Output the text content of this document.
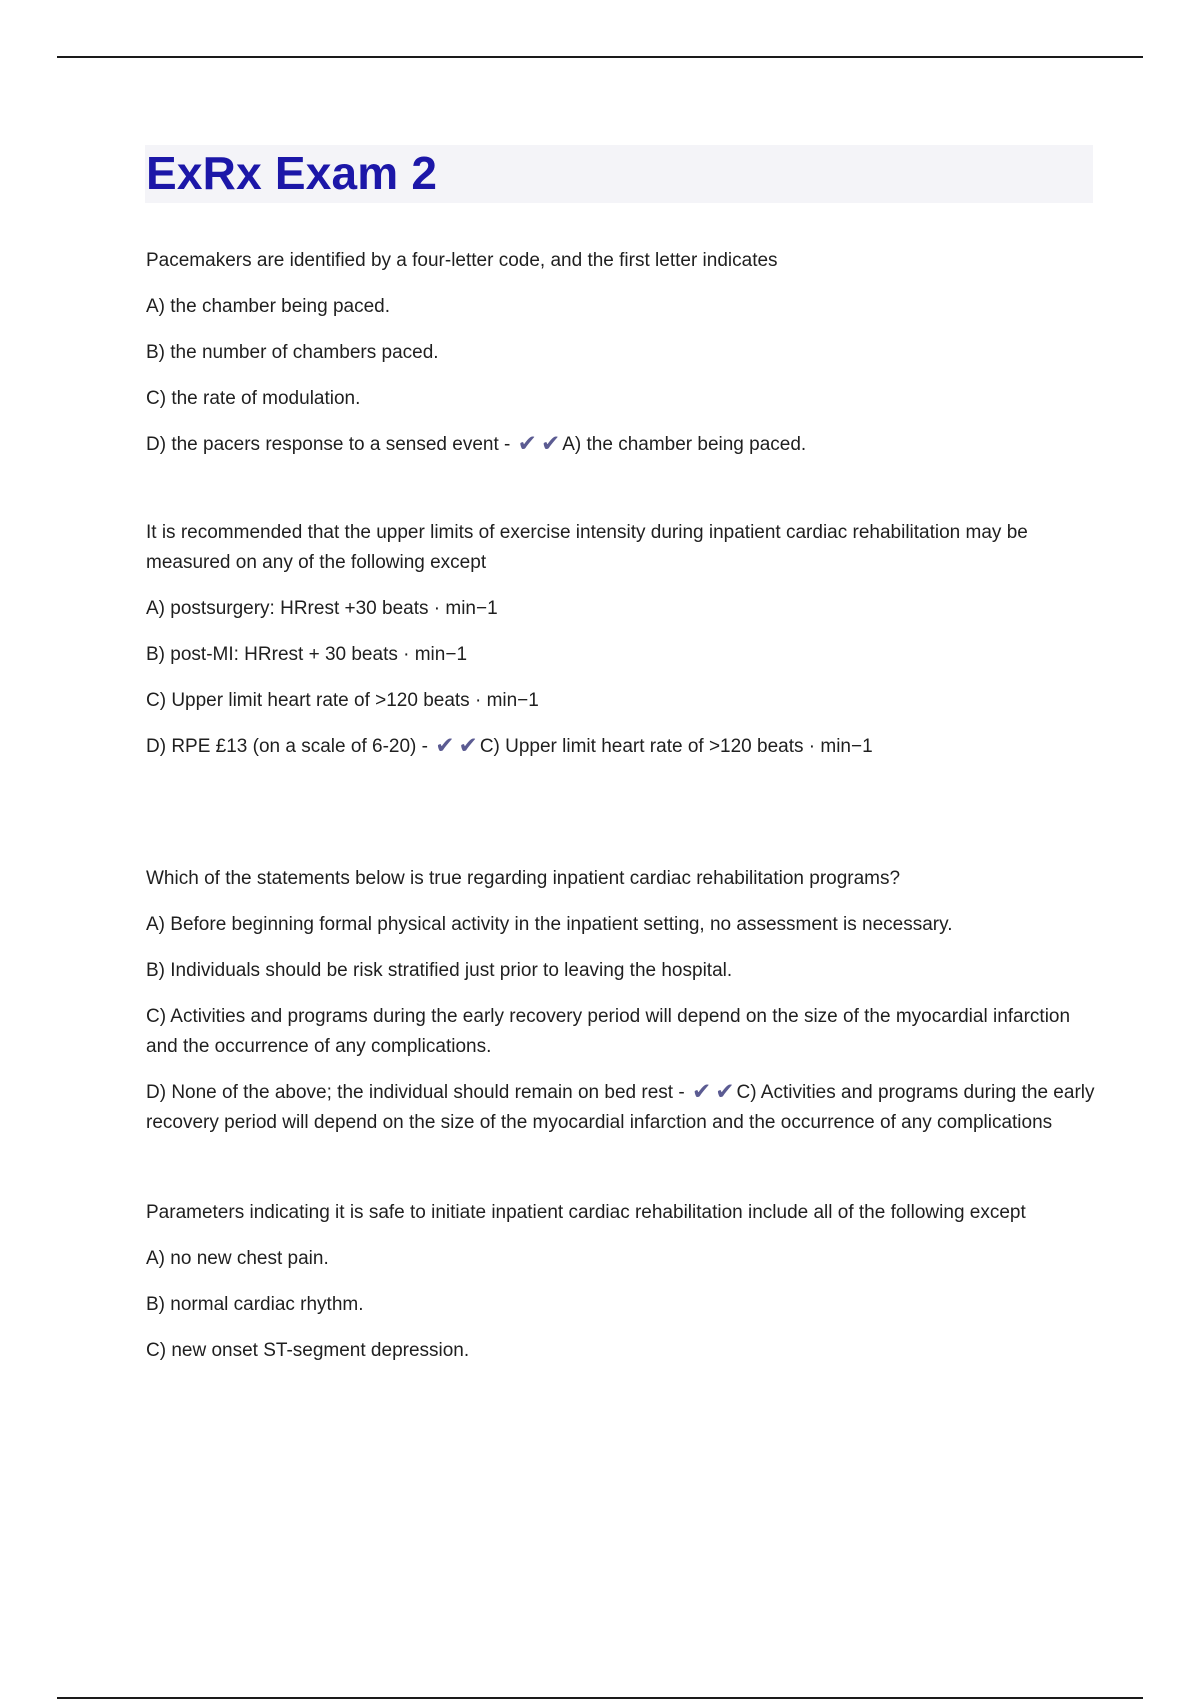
ExRx Exam 2

Pacemakers are identified by a four-letter code, and the first letter indicates

A) the chamber being paced.

B) the number of chambers paced.

C) the rate of modulation.

D) the pacers response to a sensed event - ✔ ✔ A) the chamber being paced.

It is recommended that the upper limits of exercise intensity during inpatient cardiac rehabilitation may be measured on any of the following except

A) postsurgery: HRrest +30 beats · min−1

B) post-MI: HRrest + 30 beats · min−1

C) Upper limit heart rate of >120 beats · min−1

D) RPE £13 (on a scale of 6-20) - ✔ ✔ C) Upper limit heart rate of >120 beats · min−1

Which of the statements below is true regarding inpatient cardiac rehabilitation programs?

A) Before beginning formal physical activity in the inpatient setting, no assessment is necessary.

B) Individuals should be risk stratified just prior to leaving the hospital.

C) Activities and programs during the early recovery period will depend on the size of the myocardial infarction and the occurrence of any complications.

D) None of the above; the individual should remain on bed rest - ✔ ✔ C) Activities and programs during the early recovery period will depend on the size of the myocardial infarction and the occurrence of any complications

Parameters indicating it is safe to initiate inpatient cardiac rehabilitation include all of the following except

A) no new chest pain.

B) normal cardiac rhythm.

C) new onset ST-segment depression.
